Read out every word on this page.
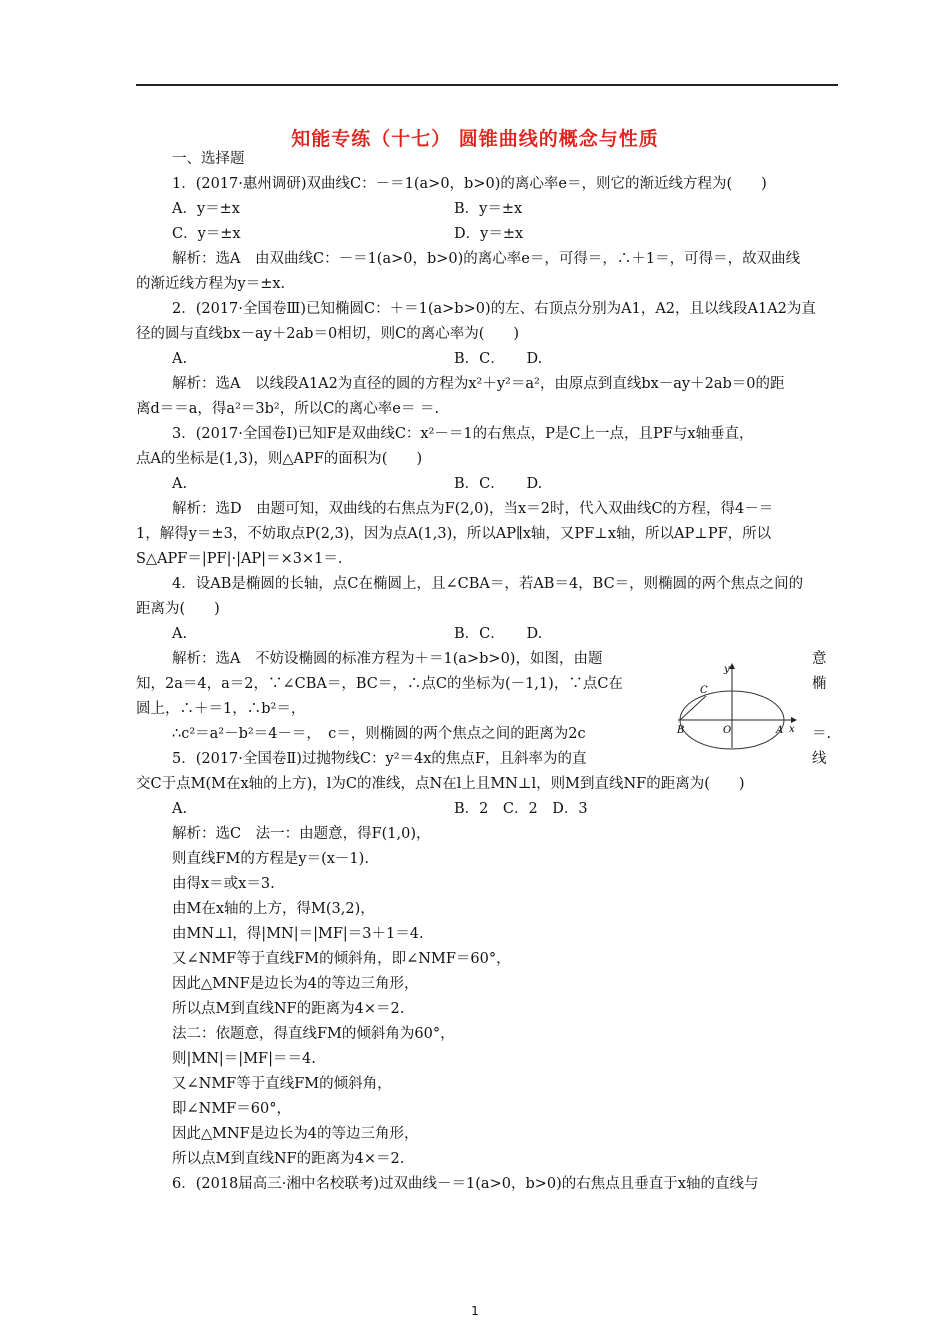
知能专练（十七） 圆锥曲线的概念与性质
一、选择题
1．(2017·惠州调研)双曲线C：－＝1(a>0，b>0)的离心率e＝，则它的渐近线方程为(　　)
A．y＝±x	B．y＝±x
C．y＝±x	D．y＝±x
解析：选A　由双曲线C：－＝1(a>0，b>0)的离心率e＝，可得＝，∴＋1＝，可得＝，故双曲线
的渐近线方程为y＝±x.
2．(2017·全国卷Ⅲ)已知椭圆C：＋＝1(a>b>0)的左、右顶点分别为A1，A2，且以线段A1A2为直
径的圆与直线bx－ay＋2ab＝0相切，则C的离心率为(　　)
A.	B．C．　　D.
解析：选A　以线段A1A2为直径的圆的方程为x²＋y²＝a²，由原点到直线bx－ay＋2ab＝0的距
离d＝＝a，得a²＝3b²，所以C的离心率e＝ ＝.
3．(2017·全国卷Ⅰ)已知F是双曲线C：x²－＝1的右焦点，P是C上一点，且PF与x轴垂直，
点A的坐标是(1,3)，则△APF的面积为(　　)
A.	B．C．　　D.
解析：选D　由题可知，双曲线的右焦点为F(2,0)，当x＝2时，代入双曲线C的方程，得4－＝
1，解得y＝±3，不妨取点P(2,3)，因为点A(1,3)，所以AP∥x轴，又PF⊥x轴，所以AP⊥PF，所以
S△APF＝|PF|·|AP|＝×3×1＝.
4．设AB是椭圆的长轴，点C在椭圆上，且∠CBA＝，若AB＝4，BC＝，则椭圆的两个焦点之间的
距离为(　　)
A.	B．C．　　D.
解析：选A　不妨设椭圆的标准方程为＋＝1(a>b>0)，如图，由题	意
知，2a＝4，a＝2，∵∠CBA＝，BC＝，∴点C的坐标为(－1,1)，∵点C在	椭
圆上，∴＋＝1，∴b²＝，
∴c²＝a²－b²＝4－＝，　c＝，则椭圆的两个焦点之间的距离为2c	＝.
5．(2017·全国卷Ⅱ)过抛物线C：y²＝4x的焦点F，且斜率为的直	线
交C于点M(M在x轴的上方)，l为C的准线，点N在l上且MN⊥l，则M到直线NF的距离为(　　)
A.	B．2　C．2　D．3
解析：选C　法一：由题意，得F(1,0)，
则直线FM的方程是y＝(x－1).
由得x＝或x＝3.
由M在x轴的上方，得M(3,2)，
由MN⊥l，得|MN|＝|MF|＝3＋1＝4.
又∠NMF等于直线FM的倾斜角，即∠NMF＝60°，
因此△MNF是边长为4的等边三角形，
所以点M到直线NF的距离为4×＝2.
法二：依题意，得直线FM的倾斜角为60°，
则|MN|＝|MF|＝＝4.
又∠NMF等于直线FM的倾斜角，
即∠NMF＝60°，
因此△MNF是边长为4的等边三角形，
所以点M到直线NF的距离为4×＝2.
6．(2018届高三·湘中名校联考)过双曲线－＝1(a>0，b>0)的右焦点且垂直于x轴的直线与
y
C
B	O	A x
1
